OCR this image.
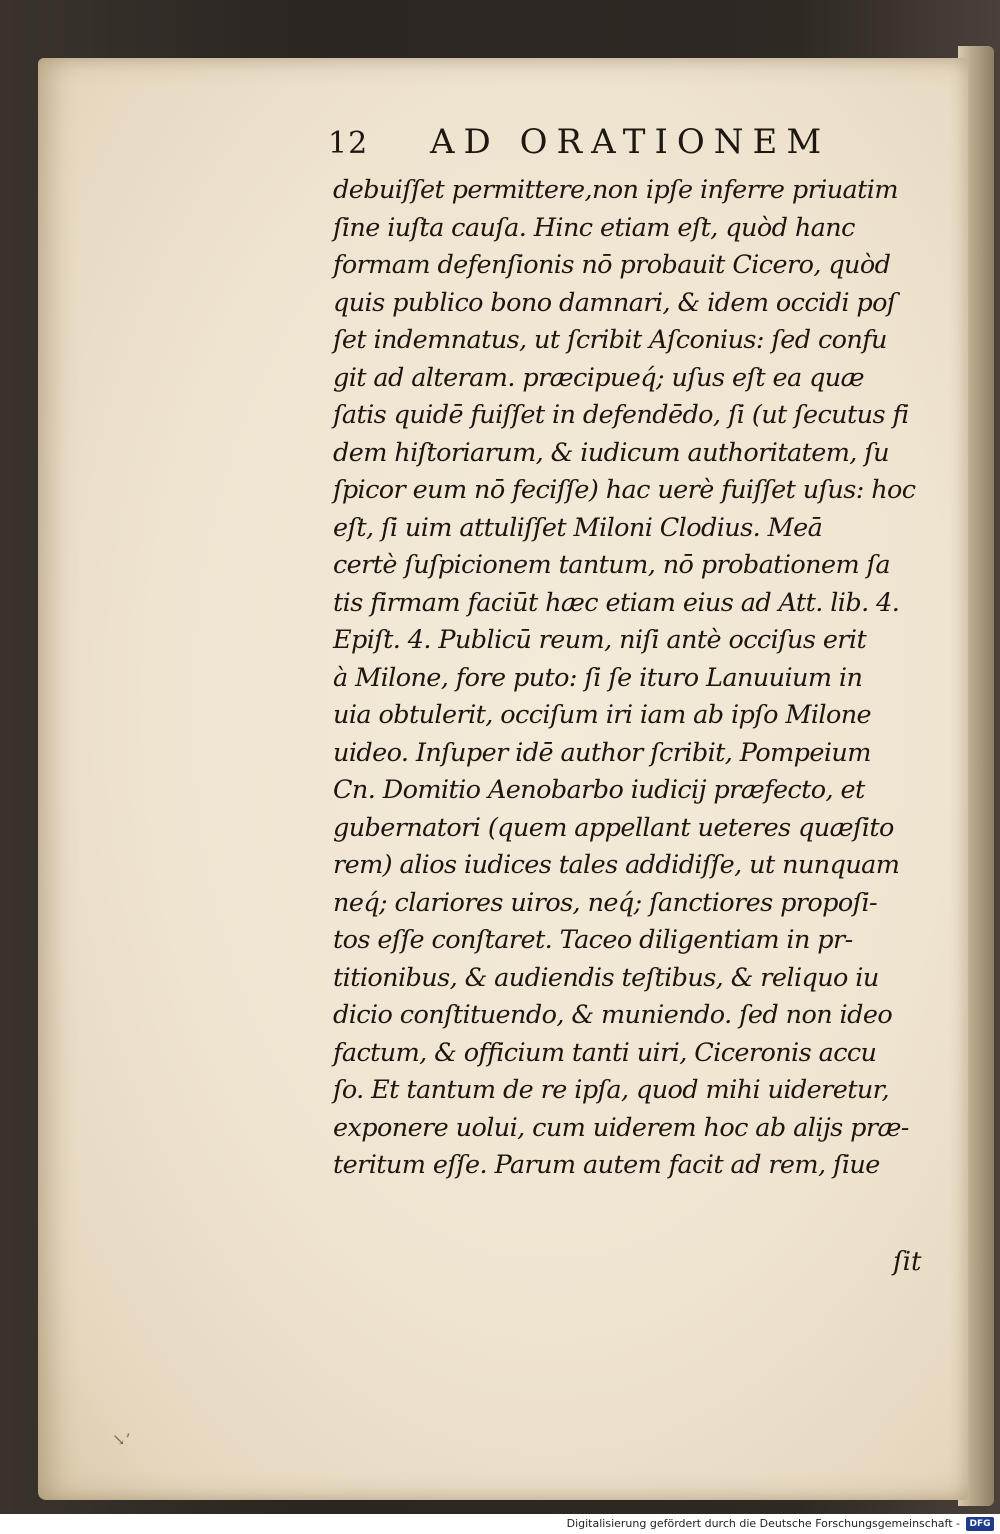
12 AD ORATIONEM
debuiſſet permittere,non ipſe inferre priuatim
ſine iuſta cauſa. Hinc etiam eſt, quòd hanc
formam defenſionis nō probauit Cicero, quòd
quis publico bono damnari, & idem occidi poſ
ſet indemnatus, ut ſcribit Aſconius: ſed confu
git ad alteram. præcipueq́; uſus eſt ea quæ
ſatis quidē fuiſſet in defendēdo, ſi (ut ſecutus fi
dem hiſtoriarum, & iudicum authoritatem, ſu
ſpicor eum nō feciſſe) hac uerè fuiſſet uſus: hoc
eſt, ſi uim attuliſſet Miloni Clodius. Meā
certè ſuſpicionem tantum, nō probationem ſa
tis firmam faciūt hæc etiam eius ad Att. lib. 4.
Epiſt. 4. Publicū reum, niſi antè occiſus erit
à Milone, fore puto: ſi ſe ituro Lanuuium in
uia obtulerit, occiſum iri iam ab ipſo Milone
uideo. Inſuper idē author ſcribit, Pompeium
Cn. Domitio Aenobarbo iudicij præfecto, et
gubernatori (quem appellant ueteres quæſito
rem) alios iudices tales addidiſſe, ut nunquam
neq́; clariores uiros, neq́; ſanctiores propoſi-
tos eſſe conſtaret. Taceo diligentiam in pr-
titionibus, & audiendis teſtibus, & reliquo iu
dicio conſtituendo, & muniendo. ſed non ideo
factum, & officium tanti uiri, Ciceronis accu
ſo. Et tantum de re ipſa, quod mihi uideretur,
exponere uolui, cum uiderem hoc ab alijs præ-
teritum eſſe. Parum autem facit ad rem, ſiue
ſit
↘’
Digitalisierung gefördert durch die Deutsche Forschungsgemeinschaft -	DFG
